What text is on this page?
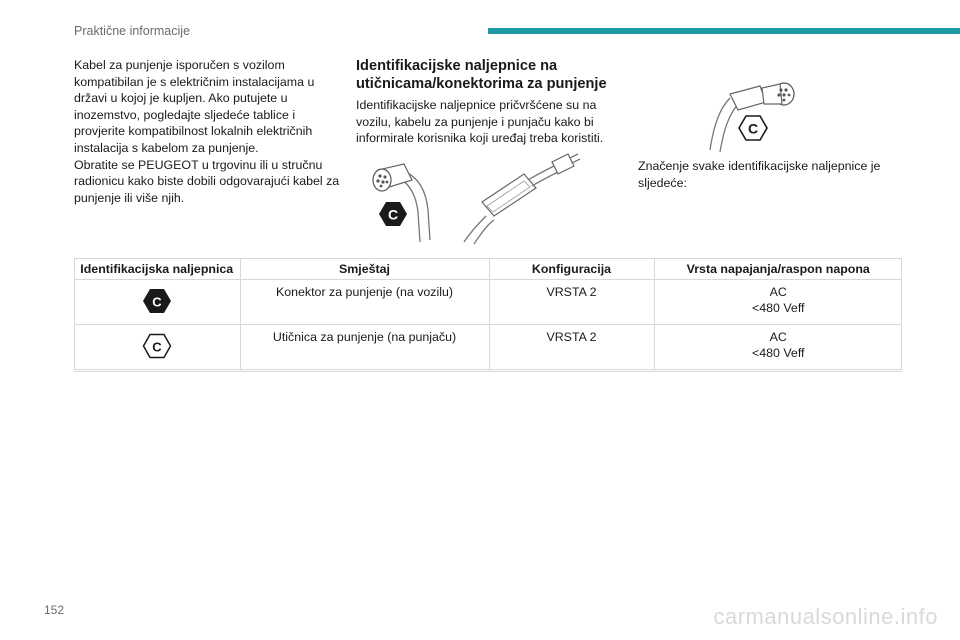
Praktične informacije

Kabel za punjenje isporučen s vozilom kompatibilan je s električnim instalacijama u državi u kojoj je kupljen. Ako putujete u inozemstvo, pogledajte sljedeće tablice i provjerite kompatibilnost lokalnih električnih instalacija s kabelom za punjenje.

Obratite se PEUGEOT u trgovinu ili u stručnu radionicu kako biste dobili odgovarajući kabel za punjenje ili više njih.

Identifikacijske naljepnice na utičnicama/konektorima za punjenje

Identifikacijske naljepnice pričvršćene su na vozilu, kabelu za punjenje i punjaču kako bi informirale korisnika koji uređaj treba koristiti.

C
C

Značenje svake identifikacijske naljepnice je sljedeće:

Identifikacijska naljepnica	Smještaj	Konfiguracija	Vrsta napajanja/raspon napona

C	Konektor za punjenje (na vozilu)	VRSTA 2	AC
<480 Veff

C	Utičnica za punjenje (na punjaču)	VRSTA 2	AC
<480 Veff
152	carmanualsonline.info
